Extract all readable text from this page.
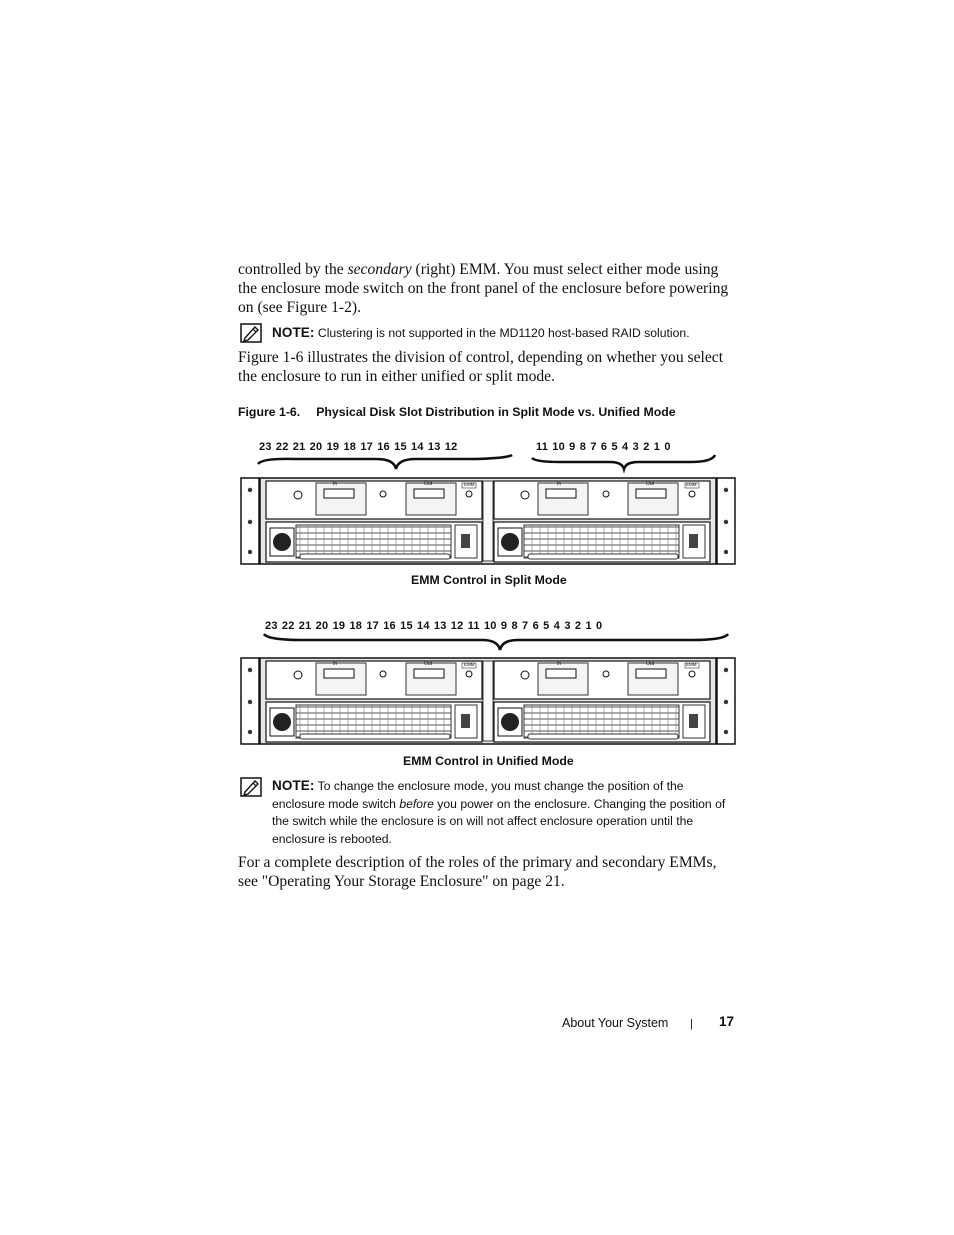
controlled by the secondary (right) EMM. You must select either mode using the enclosure mode switch on the front panel of the enclosure before powering on (see Figure 1-2).
NOTE: Clustering is not supported in the MD1120 host-based RAID solution.
Figure 1-6 illustrates the division of control, depending on whether you select the enclosure to run in either unified or split mode.
Figure 1-6. Physical Disk Slot Distribution in Split Mode vs. Unified Mode
23 22 21 20 19 18 17 16 15 14 13 12	11 10 9 8 7 6 5 4 3 2 1 0
In	Out	EMM	In	Out	EMM
EMM Control in Split Mode
23 22 21 20 19 18 17 16 15 14 13 12 11 10 9 8 7 6 5 4 3 2 1 0
In	Out	EMM	In	Out	EMM
EMM Control in Unified Mode
NOTE: To change the enclosure mode, you must change the position of the enclosure mode switch before you power on the enclosure. Changing the position of the switch while the enclosure is on will not affect enclosure operation until the enclosure is rebooted.
For a complete description of the roles of the primary and secondary EMMs, see "Operating Your Storage Enclosure" on page 21.
About Your System | 17
